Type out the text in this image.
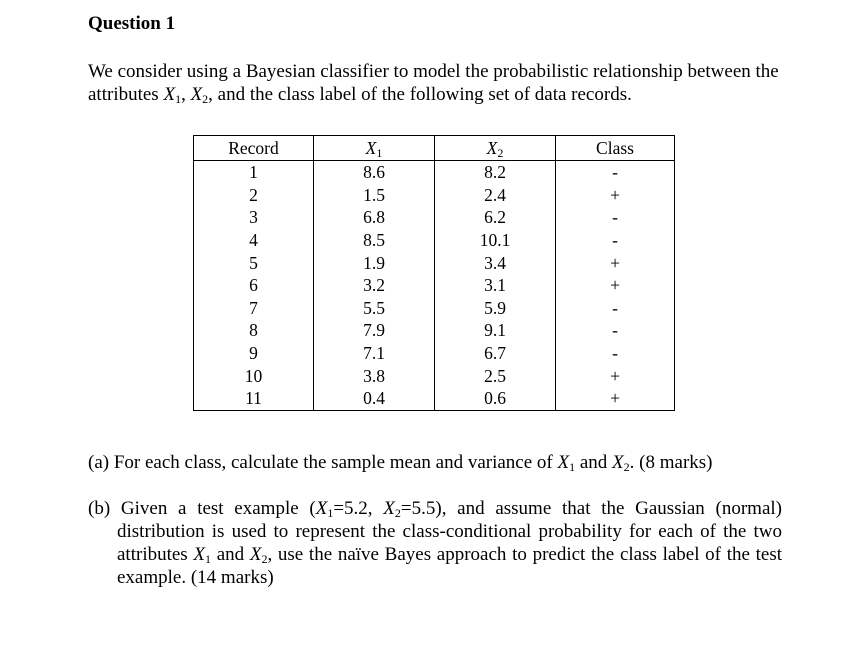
Question 1
We consider using a Bayesian classifier to model the probabilistic relationship between the attributes $X_1$, $X_2$, and the class label of the following set of data records.
Record	$X_1$	$X_2$	Class
1	8.6	8.2	-
2	1.5	2.4	+
3	6.8	6.2	-
4	8.5	10.1	-
5	1.9	3.4	+
6	3.2	3.1	+
7	5.5	5.9	-
8	7.9	9.1	-
9	7.1	6.7	-
10	3.8	2.5	+
11	0.4	0.6	+
(a) For each class, calculate the sample mean and variance of $X_1$ and $X_2$. (8 marks)
(b) Given a test example ($X_1=5.2$, $X_2=5.5$), and assume that the Gaussian (normal) distribution is used to represent the class-conditional probability for each of the two attributes $X_1$ and $X_2$, use the naïve Bayes approach to predict the class label of the test example. (14 marks)
